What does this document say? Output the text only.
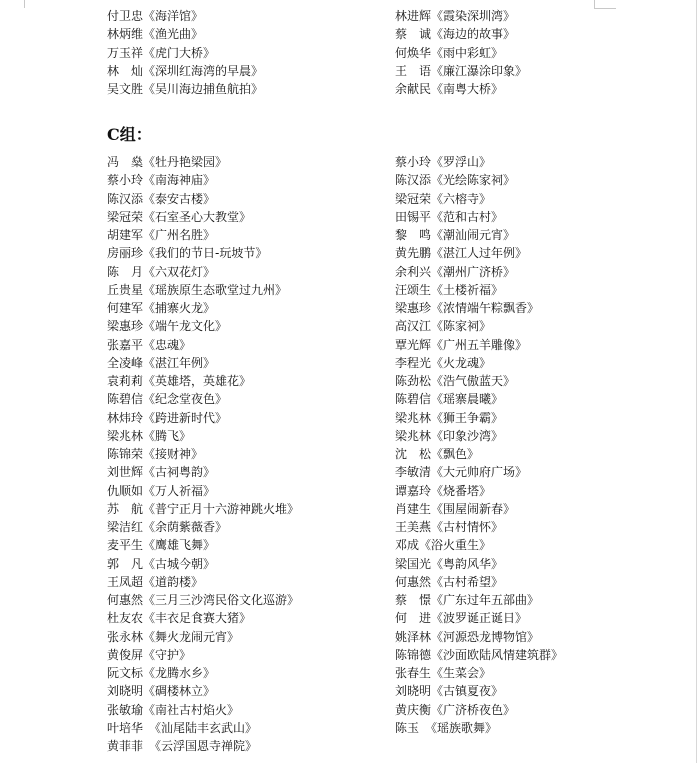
付卫忠《海洋馆》
林炳维《渔光曲》
万玉祥《虎门大桥》
林　灿《深圳红海湾的早晨》
吴文胜《吴川海边捕鱼航拍》
林进辉《霞染深圳湾》
蔡　诚《海边的故事》
何焕华《雨中彩虹》
王　语《廉江瀑涂印象》
余献民《南粤大桥》
C组：
冯　燊《牡丹艳梁园》
蔡小玲《南海神庙》
陈汉添《泰安古楼》
梁冠荣《石室圣心大教堂》
胡建军《广州名胜》
房丽珍《我们的节日-玩坡节》
陈　月《六双花灯》
丘贵星《瑶族原生态歌堂过九州》
何建军《捕寨火龙》
梁惠珍《端午龙文化》
张嘉平《忠魂》
全凌峰《湛江年例》
袁莉莉《英雄塔，英雄花》
陈碧信《纪念堂夜色》
林炜玲《跨进新时代》
梁兆林《腾飞》
陈锦荣《接财神》
刘世辉《古祠粤韵》
仇顺如《万人祈福》
苏　航《普宁正月十六游神跳火堆》
梁洁红《余荫紫薇香》
麦平生《鹰雄飞舞》
郭　凡《古城今朝》
王凤超《道韵楼》
何惠然《三月三沙湾民俗文化巡游》
杜友农《丰衣足食赛大猪》
张永林《舞火龙闹元宵》
黄俊屏《守护》
阮文标《龙腾水乡》
刘晓明《碉楼林立》
张敏瑜《南社古村焰火》
叶培华　《汕尾陆丰玄武山》
黄菲菲　《云浮国恩寺禅院》
蔡小玲《罗浮山》
陈汉添《光绘陈家祠》
梁冠荣《六榕寺》
田锡平《范和古村》
黎　鸣《潮汕闹元宵》
黄先鹏《湛江人过年例》
余利兴《潮州广济桥》
汪颂生《土楼祈福》
梁惠珍《浓情端午粽飘香》
高汉江《陈家祠》
覃光辉《广州五羊雕像》
李程光《火龙魂》
陈劲松《浩气傲蓝天》
陈碧信《瑶寨晨曦》
梁兆林《狮王争霸》
梁兆林《印象沙湾》
沈　松《飘色》
李敏清《大元帅府广场》
谭嘉玲《烧番塔》
肖建生《围屋闹新春》
王美燕《古村情怀》
邓成《浴火重生》
梁国光《粤韵风华》
何惠然《古村希望》
蔡　憬《广东过年五部曲》
何　进《波罗诞正诞日》
姚泽林《河源恐龙博物馆》
陈锦德《沙面欧陆风情建筑群》
张春生《生菜会》
刘晓明《古镇夏夜》
黄庆衡《广济桥夜色》
陈玉　《瑶族歌舞》
